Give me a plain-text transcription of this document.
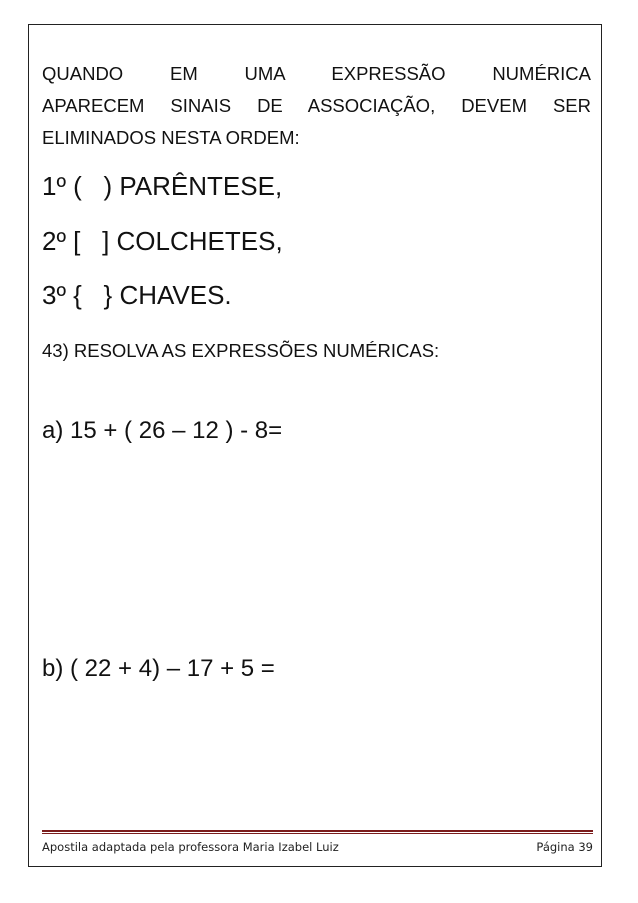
QUANDO EM UMA EXPRESSÃO NUMÉRICA
APARECEM SINAIS DE ASSOCIAÇÃO, DEVEM SER
ELIMINADOS NESTA ORDEM:
1º (   ) PARÊNTESE,
2º [   ] COLCHETES,
3º {   } CHAVES.
43) RESOLVA AS EXPRESSÕES NUMÉRICAS:
a) 15 + ( 26 – 12 ) - 8=
b) ( 22 + 4) – 17 + 5 =
Apostila adaptada pela professora Maria Izabel Luiz	Página 39
